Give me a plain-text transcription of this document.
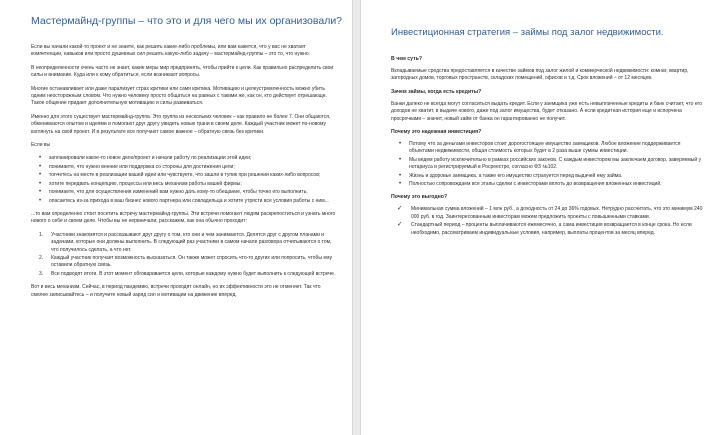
Мастермайнд-группы – что это и для чего мы их организовали?

Если вы начали какой-то проект и не знаете, как решить какие-либо проблемы, или вам кажется, что у вас не хватает компетенции, навыков или просто душевных сил решить какую-либо задачу – мастермайнд-группы – это то, что нужно.

В неопределенности очень часто не знает, какие меры мир предпринять, чтобы прийти к цели. Как правильно распределить свои силы и внимание. Куда или к кому обратиться, если возникают вопросы.

Многие останавливает или даже парализует страх критики или самя критика. Мотивацию и целеустремленность можно убить одним неосторожным словом. Что нужно человеку просто общаться на равных с такими же, как он, кто действует отрешающе. Такое общение придает дополнительную мотивацию и силы развиваться.

Именно для этого существует мастермайнд-группа. Это группа из нескольких человек – как правило не более 7. Они общаются, обмениваются опытом и идеями и помогают друг другу увидеть новые грани в своем деле. Каждый участник может по-новому взглянуть на свой проект. И в результате все получают самое важное – обратную связь без критики.

Если вы

• запланировали какое-то новое дело/проект и начали работу по реализации этой идеи;
• понимаете, что нужно внение или поддержка со стороны для достижения цели;
• топчетесь на месте в реализации вашей идеи или чувствуете, что зашли в тупик при решении каких-либо вопросов;
• хотите передвать концепцию, процессы или весь механизм работы вашей фирмы;
• понимаете, что для осуществления изменений вам нужно дать кому-то обещание, чтобы точно его выполнить;
• опасаетесь из-за прихода в ваш бизнес нового партнера или совладельца и хотите утрясти все условия работы с ним...

...то вам определенно стоит посетить встречу мастермайнд-группы. Эти встречи помогают людям раскрепоститься и узнать много нового о себе и своем деле. Чтобы вы не нервничали, расскажем, как она обычно проходит:

1. Участники знакомятся и рассказывают друг другу о том, кто они и чем занимаются. Делятся друг с другом планами и задачами, которые они должны выполнить. В следующий раз участники в самом начале разговора отчитываются о том, что получилось сделать, а что нет.
2. Каждый участник получает возможность высказаться. Он также может спросить что-то других или попросить, чтобы ему оставили обратную связь.
3. Все подводят итоги. В этот момент обговаривается цели, которые каждому нужно будет выполнить к следующей встрече.

Вот и весь механизм. Сейчас, в период пандемию, встречи проходят онлайн, но их эффективности это не отменяет. Так что смелее записывайтесь – и получите новый заряд сил и мотивации на движение вперед.

Инвестиционная стратегия – займы под залог недвижимости.
В чем суть?

Вкладываемые средства предоставляется в качестве займов под залог жилой и коммерческой недвижимости: комнат, квартир, загородных домов, торговых пространств, складских помещений, офисов и т.д. Срок вложений – от 12 месяцев.

Зачем займы, когда есть кредиты?

Банки далеко не всегда могут согласиться выдать кредит. Если у заемщика уже есть невыплаченные кредиты и банк считает, что его доходов не хватит, в выдаче нового, даже под залог имущества, будет отказано. А если кредитная история еще и испорчена просрочками – значит, новый займ от банка он гарантированно не получит.

Почему это надежная инвестиция?
• Потому что за деньгами инвесторов стоит дорогостоящее имущество заемщиков. Любое вложение поддерживается объектами недвижимости, общая стоимость которых будет в 2 раза выше суммы инвестиции.
• Мы ведем работу исключительно в рамках российских законов. С каждым инвестором мы заключаем договор, заверяемый у нотариуса и регистрируемый в Росреестре, согласно ФЗ №102.
• Жизнь и здоровье заемщика, а также его имущество страхуется перед выдачей ему займа.
• Полностью сопровождаем все этапы сделки с инвесторами вплоть до возвращения вложенных инвестиций.
Почему это выгодно?
✓ Минимальная сумма вложений – 1 млн руб., а доходность от 24 до 36% годовых. Нетрудно рассчитать, что это минимум 240 000 руб. в год. Заинтересованным инвесторам можем предложить проекты с повышенными ставками.
✓ Стандартный период – проценты выплачиваются ежемесячно, а сама инвестиция возвращается в конце срока. Но если необходимо, рассматриваем индивидуальные условия, например, выплаты процентов за месяц вперед.
